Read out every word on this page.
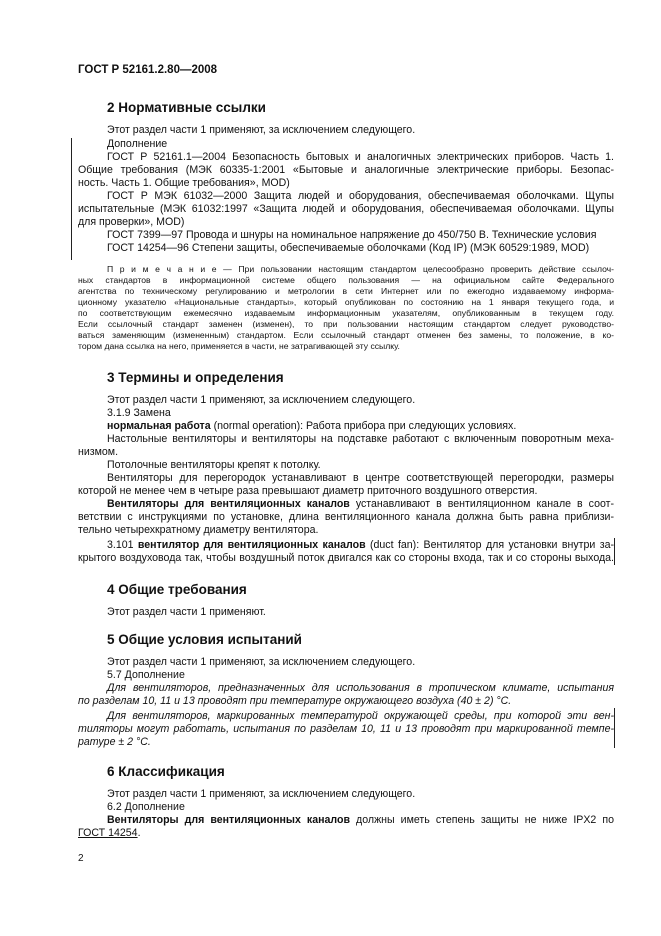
ГОСТ Р 52161.2.80—2008
2 Нормативные ссылки
Этот раздел части 1 применяют, за исключением следующего.
Дополнение
ГОСТ Р 52161.1—2004 Безопасность бытовых и аналогичных электрических приборов. Часть 1.
Общие требования (МЭК 60335-1:2001 «Бытовые и аналогичные электрические приборы. Безопас-
ность. Часть 1. Общие требования», MOD)
ГОСТ Р МЭК 61032—2000 Защита людей и оборудования, обеспечиваемая оболочками. Щупы
испытательные (МЭК 61032:1997 «Защита людей и оборудования, обеспечиваемая оболочками. Щупы
для проверки», MOD)
ГОСТ 7399—97 Провода и шнуры на номинальное напряжение до 450/750 В. Технические условия
ГОСТ 14254—96 Степени защиты, обеспечиваемые оболочками (Код IP) (МЭК 60529:1989, MOD)
П р и м е ч а н и е — При пользовании настоящим стандартом целесообразно проверить действие ссылоч-
ных стандартов в информационной системе общего пользования — на официальном сайте Федерального
агентства по техническому регулированию и метрологии в сети Интернет или по ежегодно издаваемому информа-
ционному указателю «Национальные стандарты», который опубликован по состоянию на 1 января текущего года, и
по соответствующим ежемесячно издаваемым информационным указателям, опубликованным в текущем году.
Если ссылочный стандарт заменен (изменен), то при пользовании настоящим стандартом следует руководство-
ваться заменяющим (измененным) стандартом. Если ссылочный стандарт отменен без замены, то положение, в ко-
тором дана ссылка на него, применяется в части, не затрагивающей эту ссылку.
3 Термины и определения
Этот раздел части 1 применяют, за исключением следующего.
3.1.9 Замена
нормальная работа (normal operation): Работа прибора при следующих условиях.
Настольные вентиляторы и вентиляторы на подставке работают с включенным поворотным меха-
низмом.
Потолочные вентиляторы крепят к потолку.
Вентиляторы для перегородок устанавливают в центре соответствующей перегородки, размеры
которой не менее чем в четыре раза превышают диаметр приточного воздушного отверстия.
Вентиляторы для вентиляционных каналов устанавливают в вентиляционном канале в соот-
ветствии с инструкциями по установке, длина вентиляционного канала должна быть равна приблизи-
тельно четырехкратному диаметру вентилятора.
3.101 вентилятор для вентиляционных каналов (duct fan): Вентилятор для установки внутри за-
крытого воздуховода так, чтобы воздушный поток двигался как со стороны входа, так и со стороны выхода.
4 Общие требования
Этот раздел части 1 применяют.
5 Общие условия испытаний
Этот раздел части 1 применяют, за исключением следующего.
5.7 Дополнение
Для вентиляторов, предназначенных для использования в тропическом климате, испытания
по разделам 10, 11 и 13 проводят при температуре окружающего воздуха (40 ± 2) °С.
Для вентиляторов, маркированных температурой окружающей среды, при которой эти вен-
тиляторы могут работать, испытания по разделам 10, 11 и 13 проводят при маркированной темпе-
ратуре ± 2 °С.
6 Классификация
Этот раздел части 1 применяют, за исключением следующего.
6.2 Дополнение
Вентиляторы для вентиляционных каналов должны иметь степень защиты не ниже IPX2 по
ГОСТ 14254.
2
